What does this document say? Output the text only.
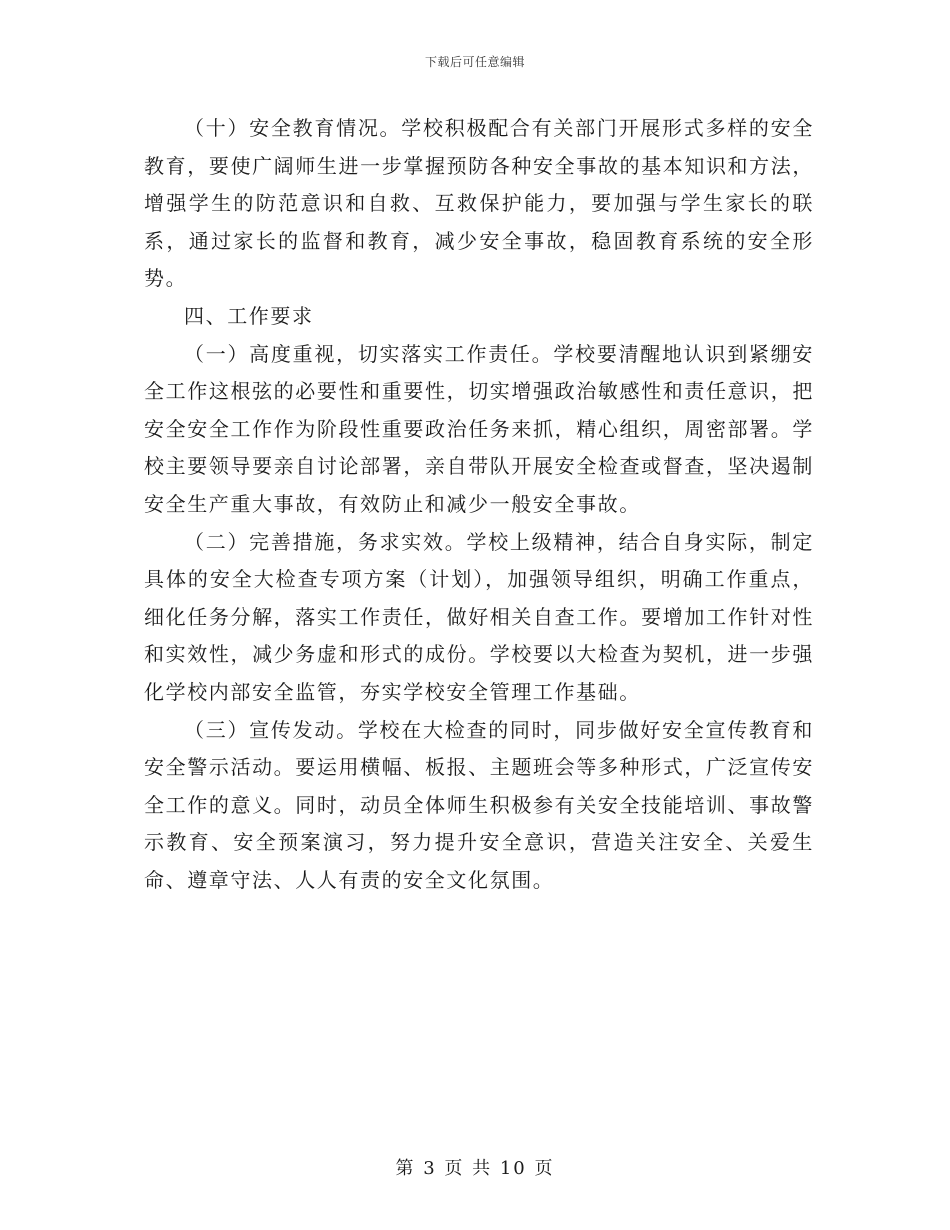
下载后可任意编辑

（十）安全教育情况。学校积极配合有关部门开展形式多样的安全教育，要使广阔师生进一步掌握预防各种安全事故的基本知识和方法，增强学生的防范意识和自救、互救保护能力，要加强与学生家长的联系，通过家长的监督和教育，减少安全事故，稳固教育系统的安全形势。

四、工作要求

（一）高度重视，切实落实工作责任。学校要清醒地认识到紧绷安全工作这根弦的必要性和重要性，切实增强政治敏感性和责任意识，把安全安全工作作为阶段性重要政治任务来抓，精心组织，周密部署。学校主要领导要亲自讨论部署，亲自带队开展安全检查或督查，坚决遏制安全生产重大事故，有效防止和减少一般安全事故。

（二）完善措施，务求实效。学校上级精神，结合自身实际，制定具体的安全大检查专项方案（计划），加强领导组织，明确工作重点，细化任务分解，落实工作责任，做好相关自查工作。要增加工作针对性和实效性，减少务虚和形式的成份。学校要以大检查为契机，进一步强化学校内部安全监管，夯实学校安全管理工作基础。

（三）宣传发动。学校在大检查的同时，同步做好安全宣传教育和安全警示活动。要运用横幅、板报、主题班会等多种形式，广泛宣传安全工作的意义。同时，动员全体师生积极参有关安全技能培训、事故警示教育、安全预案演习，努力提升安全意识，营造关注安全、关爱生命、遵章守法、人人有责的安全文化氛围。

第 3 页 共 10 页
